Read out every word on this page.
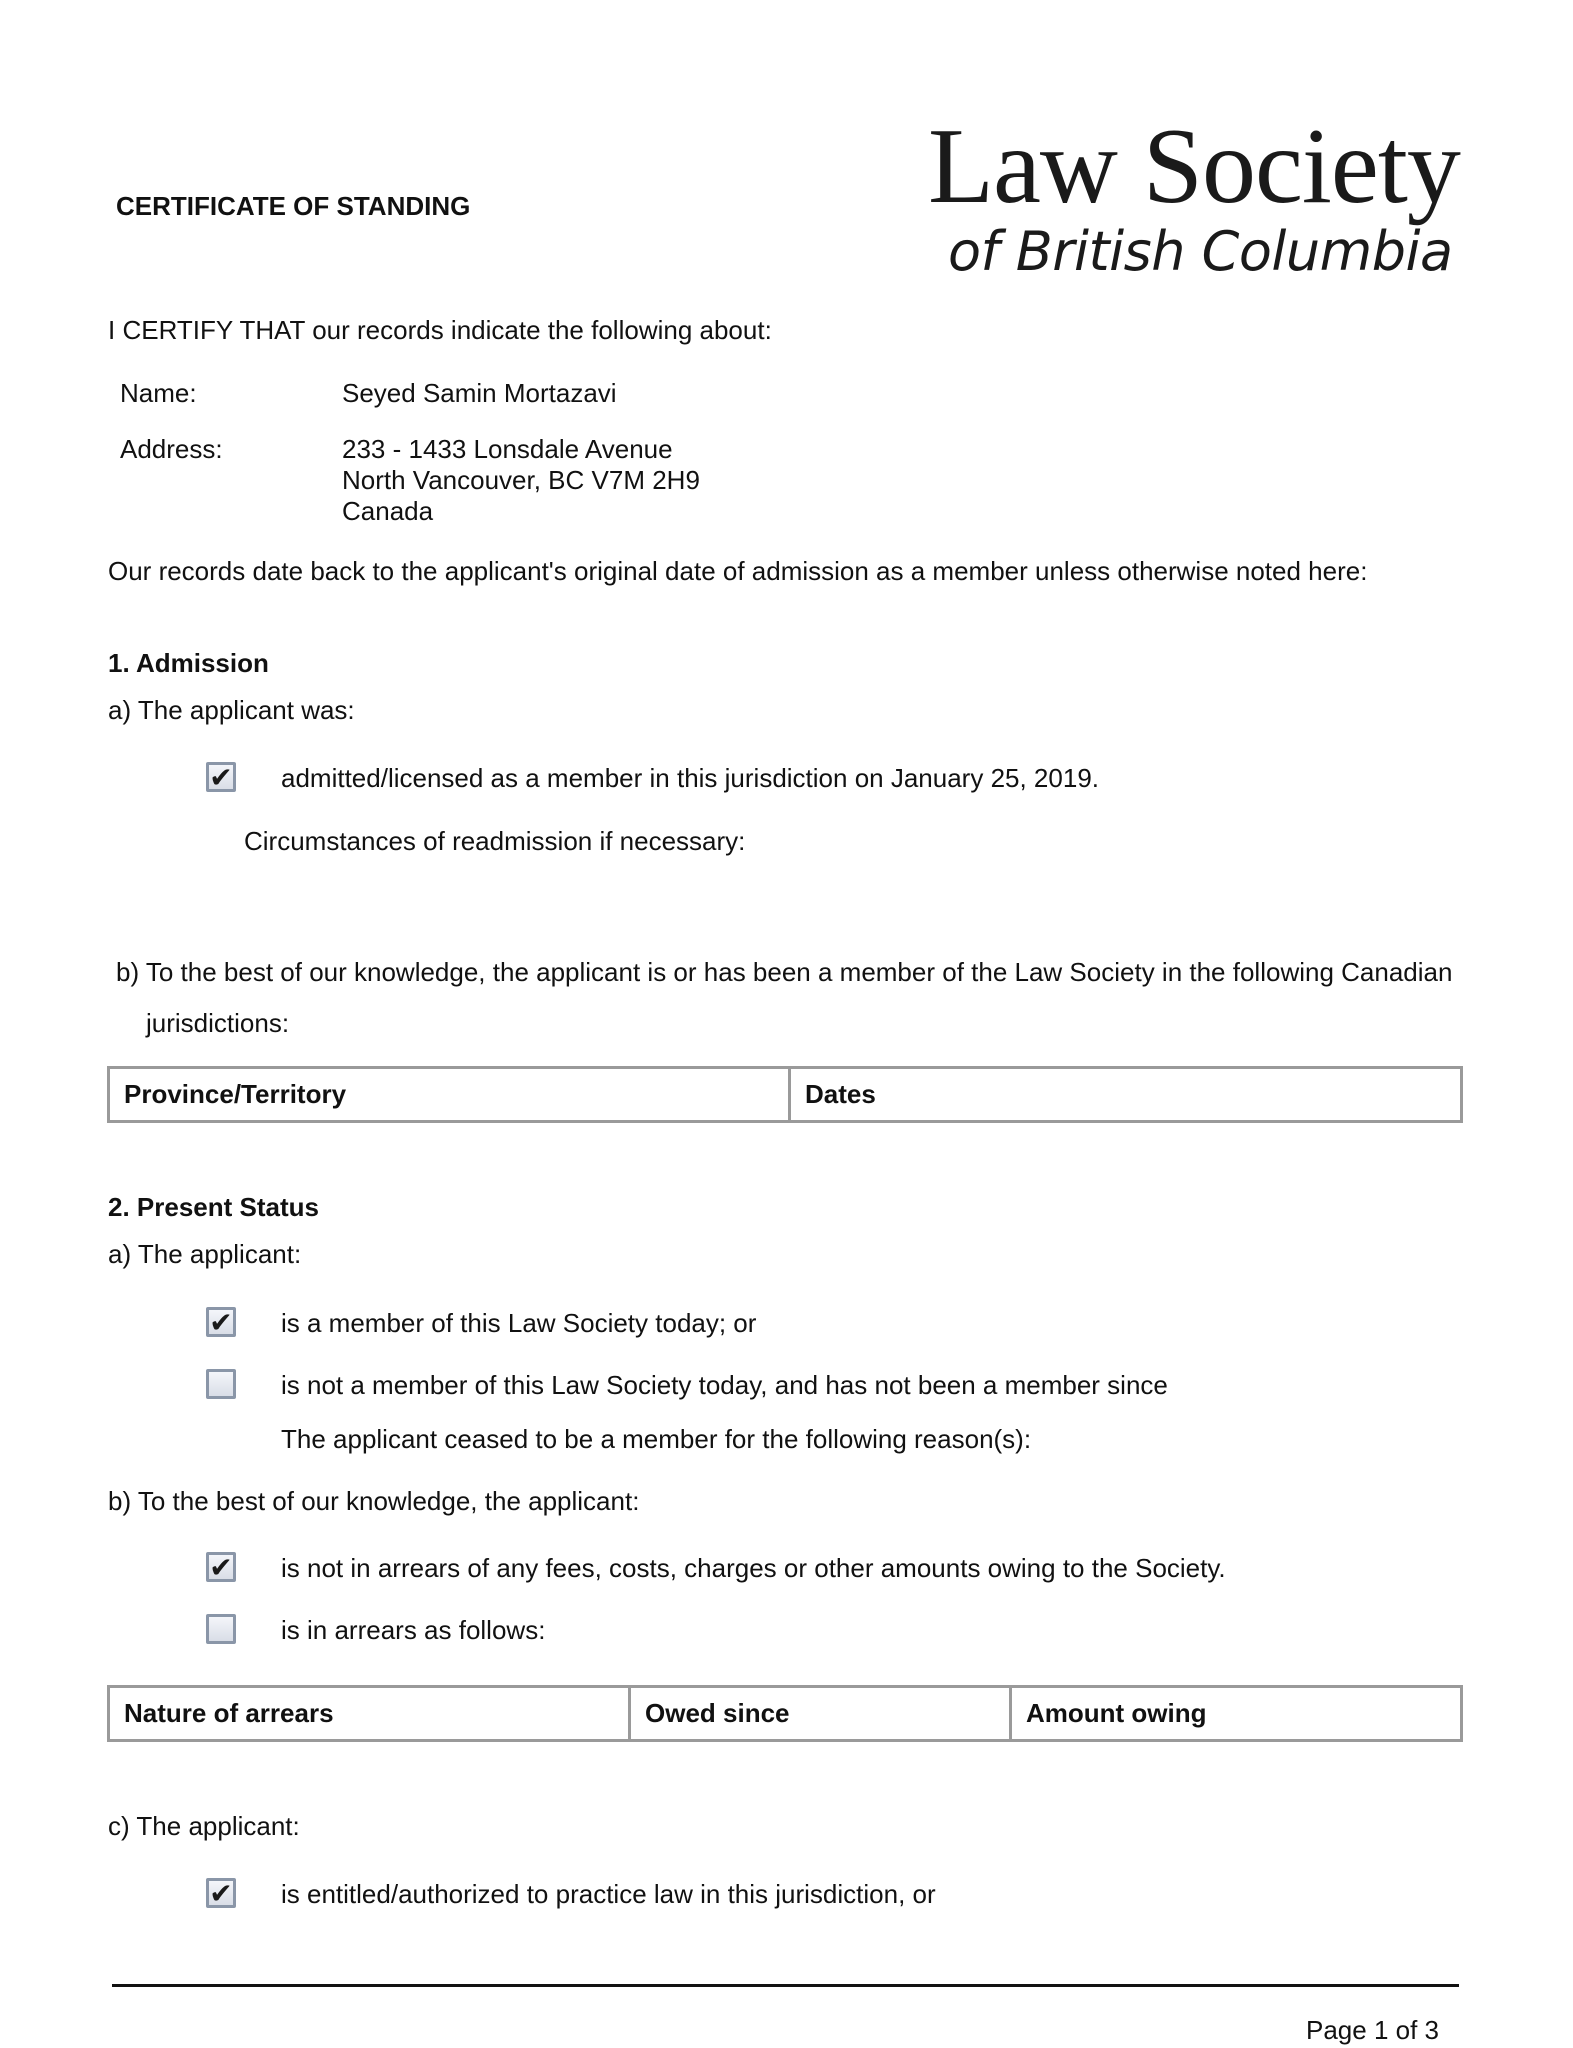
CERTIFICATE OF STANDING	Law Society
of British Columbia
I CERTIFY THAT our records indicate the following about:
Name:	Seyed Samin Mortazavi
Address:	233 - 1433 Lonsdale Avenue
North Vancouver, BC V7M 2H9
Canada
Our records date back to the applicant's original date of admission as a member unless otherwise noted here:
1. Admission
a) The applicant was:
✔ admitted/licensed as a member in this jurisdiction on January 25, 2019.
Circumstances of readmission if necessary:
b) To the best of our knowledge, the applicant is or has been a member of the Law Society in the following Canadian
jurisdictions:
Province/Territory	Dates
2. Present Status
a) The applicant:
✔ is a member of this Law Society today; or
is not a member of this Law Society today, and has not been a member since
The applicant ceased to be a member for the following reason(s):
b) To the best of our knowledge, the applicant:
✔ is not in arrears of any fees, costs, charges or other amounts owing to the Society.
is in arrears as follows:
Nature of arrears	Owed since	Amount owing
c) The applicant:
✔ is entitled/authorized to practice law in this jurisdiction, or
Page 1 of 3
